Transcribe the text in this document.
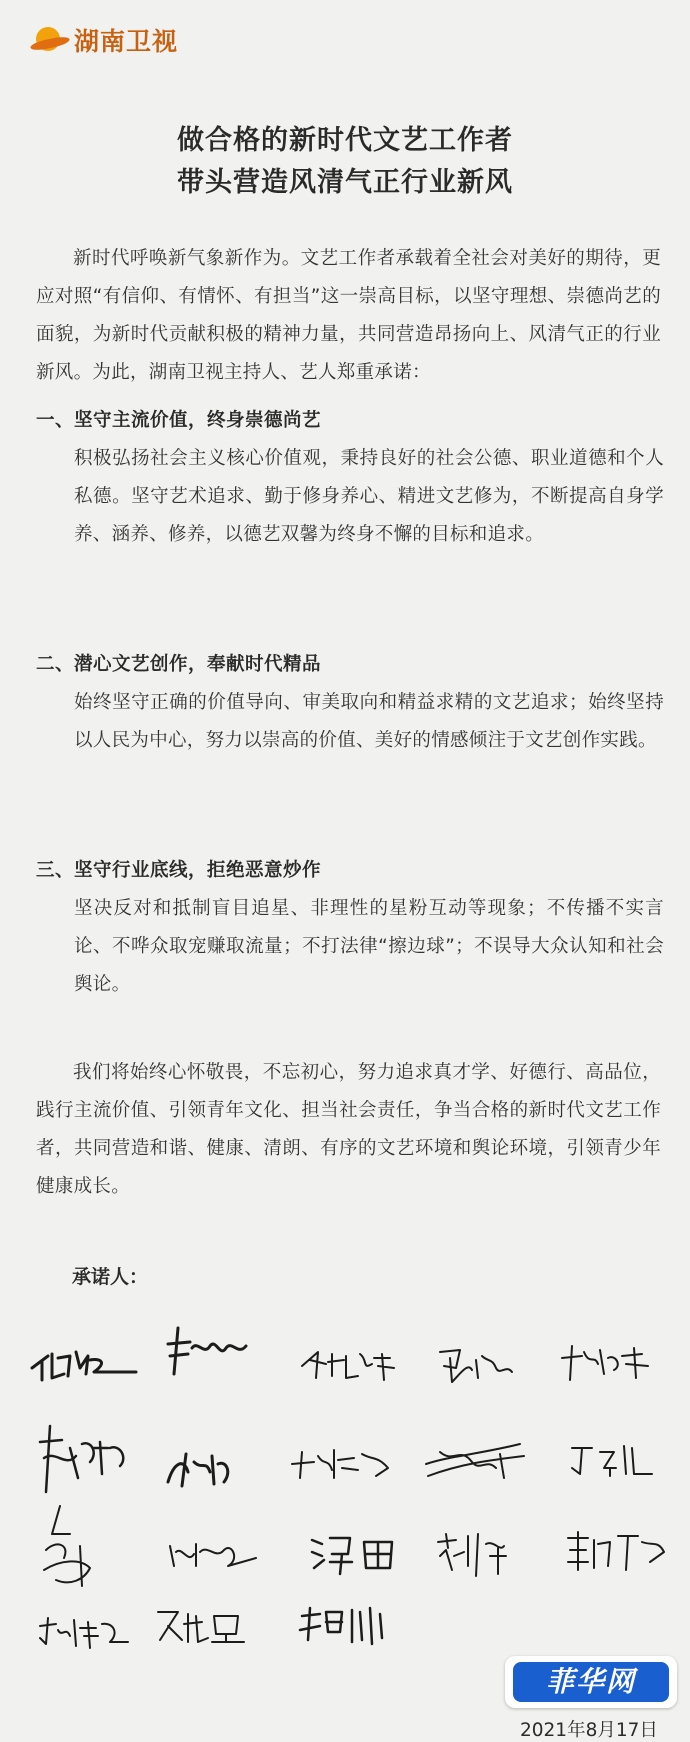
湖南卫视
做合格的新时代文艺工作者
带头营造风清气正行业新风
新时代呼唤新气象新作为。文艺工作者承载着全社会对美好的期待，更应对照“有信仰、有情怀、有担当”这一崇高目标，以坚守理想、崇德尚艺的面貌，为新时代贡献积极的精神力量，共同营造昂扬向上、风清气正的行业新风。为此，湖南卫视主持人、艺人郑重承诺：
一、坚守主流价值，终身崇德尚艺
积极弘扬社会主义核心价值观，秉持良好的社会公德、职业道德和个人私德。坚守艺术追求、勤于修身养心、精进文艺修为，不断提高自身学养、涵养、修养，以德艺双馨为终身不懈的目标和追求。
二、潜心文艺创作，奉献时代精品
始终坚守正确的价值导向、审美取向和精益求精的文艺追求；始终坚持以人民为中心，努力以崇高的价值、美好的情感倾注于文艺创作实践。
三、坚守行业底线，拒绝恶意炒作
坚决反对和抵制盲目追星、非理性的星粉互动等现象；不传播不实言论、不哗众取宠赚取流量；不打法律“擦边球”；不误导大众认知和社会舆论。
我们将始终心怀敬畏，不忘初心，努力追求真才学、好德行、高品位，践行主流价值、引领青年文化、担当社会责任，争当合格的新时代文艺工作者，共同营造和谐、健康、清朗、有序的文艺环境和舆论环境，引领青少年健康成长。
承诺人：
菲华网
2021年8月17日
